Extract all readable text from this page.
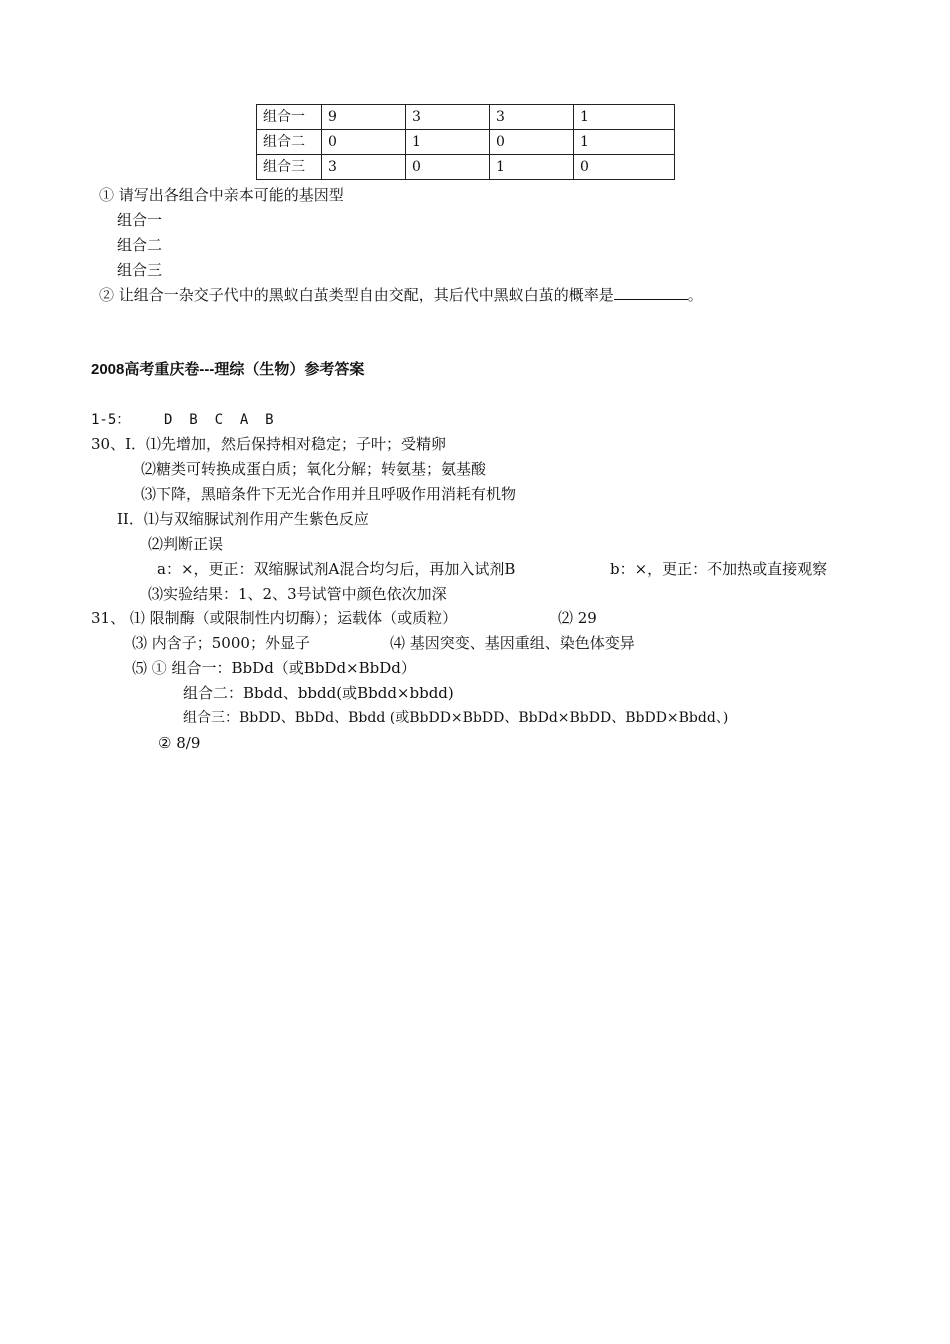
组合一	9	3	3	1
组合二	0	1	0	1
组合三	3	0	1	0
① 请写出各组合中亲本可能的基因型
组合一
组合二
组合三
② 让组合一杂交子代中的黑蚁白茧类型自由交配，其后代中黑蚁白茧的概率是	。
2008高考重庆卷---理综（生物）参考答案
1-5：    D  B  C  A  B
30、I．⑴先增加，然后保持相对稳定；子叶；受精卵
⑵糖类可转换成蛋白质；氧化分解；转氨基；氨基酸
⑶下降，黑暗条件下无光合作用并且呼吸作用消耗有机物
II．⑴与双缩脲试剂作用产生紫色反应
⑵判断正误
a：×，更正：双缩脲试剂A混合均匀后，再加入试剂B	b：×，更正：不加热或直接观察
⑶实验结果：1、2、3号试管中颜色依次加深
31、 ⑴ 限制酶（或限制性内切酶）；运载体（或质粒）	⑵ 29
⑶ 内含子；5000；外显子	⑷ 基因突变、基因重组、染色体变异
⑸ ① 组合一：BbDd（或BbDd×BbDd）
组合二：Bbdd、bbdd(或Bbdd×bbdd)
组合三：BbDD、BbDd、Bbdd (或BbDD×BbDD、BbDd×BbDD、BbDD×Bbdd、)
② 8/9
